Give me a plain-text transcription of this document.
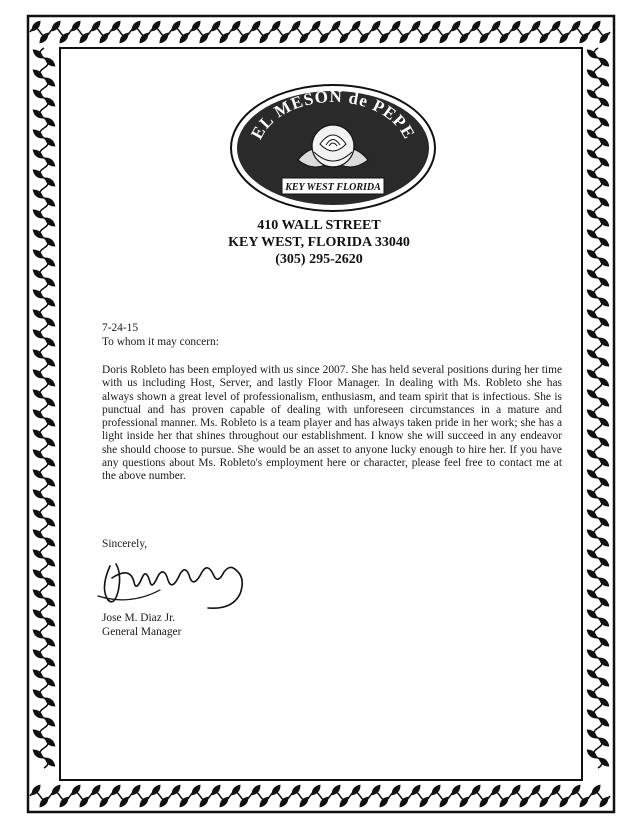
EL MESON de PEPE
KEY WEST FLORIDA
410 WALL STREET
KEY WEST, FLORIDA 33040
(305) 295-2620
7-24-15
To whom it may concern:
Doris Robleto has been employed with us since 2007. She has held several positions during her time with us including Host, Server, and lastly Floor Manager. In dealing with Ms. Robleto she has always shown a great level of professionalism, enthusiasm, and team spirit that is infectious. She is punctual and has proven capable of dealing with unforeseen circumstances in a mature and professional manner. Ms. Robleto is a team player and has always taken pride in her work; she has a light inside her that shines throughout our establishment. I know she will succeed in any endeavor she should choose to pursue. She would be an asset to anyone lucky enough to hire her. If you have any questions about Ms. Robleto's employment here or character, please feel free to contact me at the above number.
Sincerely,
Jose M. Diaz Jr.
General Manager
